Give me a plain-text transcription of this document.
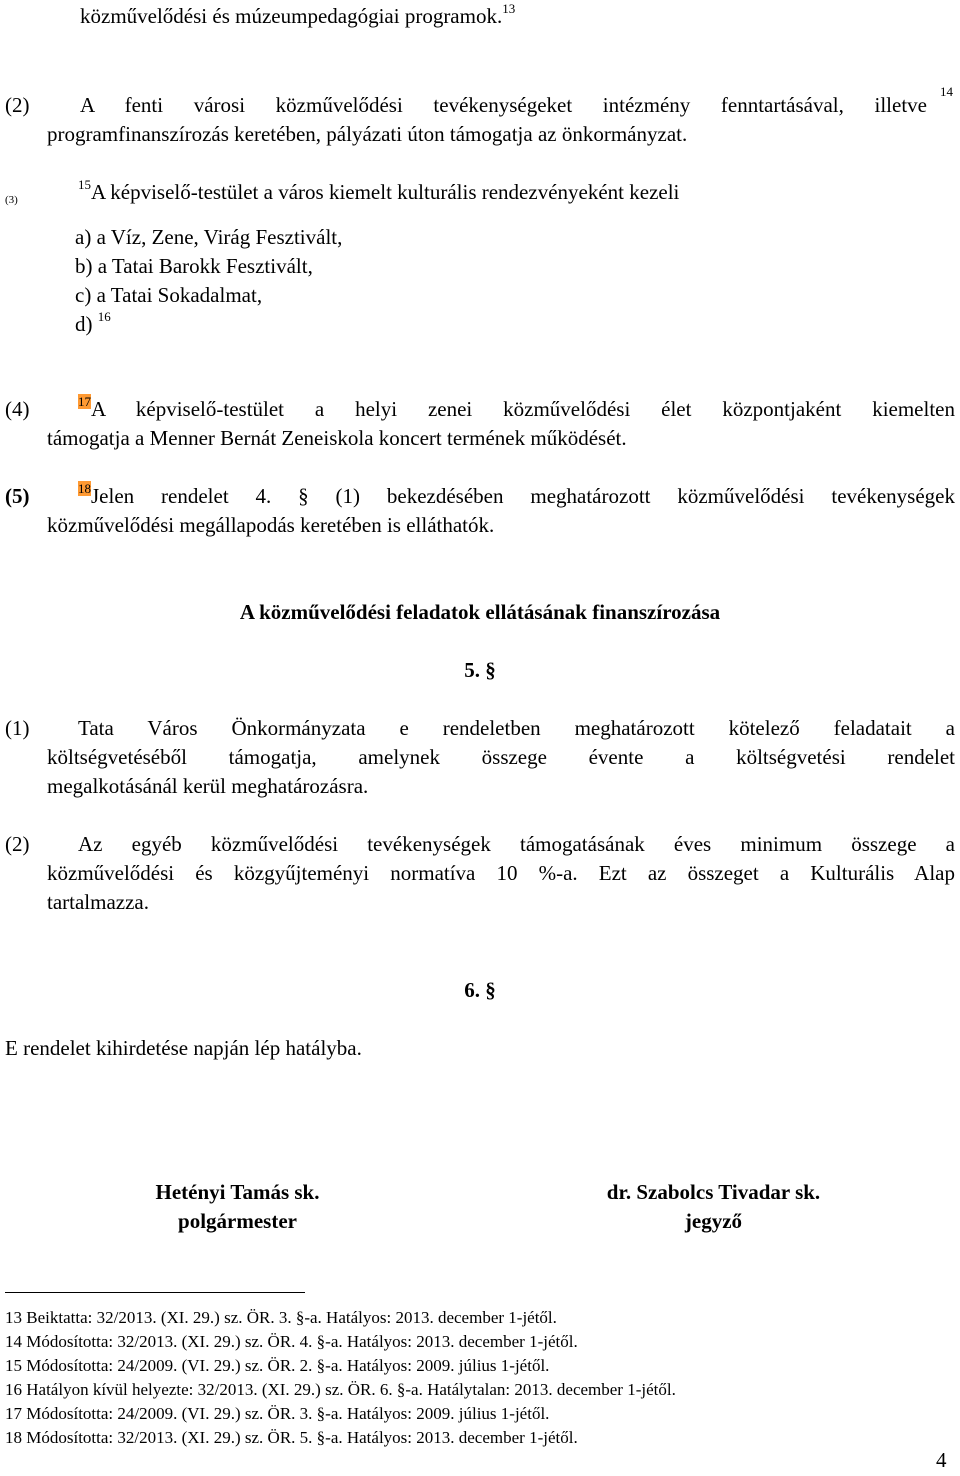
közművelődési és múzeumpedagógiai programok.$^{13}$
(2) A fenti városi közművelődési tevékenységeket intézmény fenntartásával, illetve
programfinanszírozás keretében, pályázati úton támogatja az önkormányzat.
14
(3)
$^{15}$A képviselő-testület a város kiemelt kulturális rendezvényeként kezeli
a) a Víz, Zene, Virág Fesztivált,
b) a Tatai Barokk Fesztivált,
c) a Tatai Sokadalmat,
d) $^{16}$
(4)	$^{17}$A képviselő-testület a helyi zenei közművelődési élet központjaként kiemelten
támogatja a Menner Bernát Zeneiskola koncert termének működését.
(5)	$^{18}$Jelen rendelet 4. § (1) bekezdésében meghatározott közművelődési tevékenységek
közművelődési megállapodás keretében is elláthatók.
A közművelődési feladatok ellátásának finanszírozása
5. §
(1) Tata Város Önkormányzata e rendeletben meghatározott kötelező feladatait a
költségvetéséből támogatja, amelynek összege évente a költségvetési rendelet
megalkotásánál kerül meghatározásra.
(2) Az egyéb közművelődési tevékenységek támogatásának éves minimum összege a
közművelődési és közgyűjteményi normatíva 10 %-a. Ezt az összeget a Kulturális Alap
tartalmazza.
6. §
E rendelet kihirdetése napján lép hatályba.
Hetényi Tamás sk.
polgármester
dr. Szabolcs Tivadar sk.
jegyző
13 Beiktatta: 32/2013. (XI. 29.) sz. ÖR. 3. §-a. Hatályos: 2013. december 1-jétől.
14 Módosította: 32/2013. (XI. 29.) sz. ÖR. 4. §-a. Hatályos: 2013. december 1-jétől.
15 Módosította: 24/2009. (VI. 29.) sz. ÖR. 2. §-a. Hatályos: 2009. július 1-jétől.
16 Hatályon kívül helyezte: 32/2013. (XI. 29.) sz. ÖR. 6. §-a. Hatálytalan: 2013. december 1-jétől.
17 Módosította: 24/2009. (VI. 29.) sz. ÖR. 3. §-a. Hatályos: 2009. július 1-jétől.
18 Módosította: 32/2013. (XI. 29.) sz. ÖR. 5. §-a. Hatályos: 2013. december 1-jétől.
4
